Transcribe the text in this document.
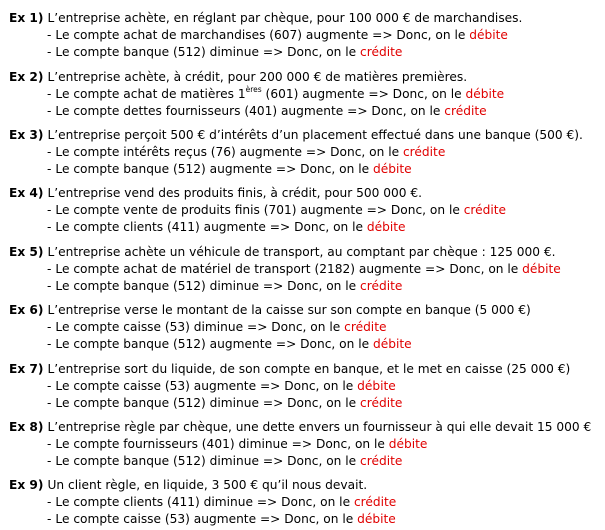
Ex 1) L’entreprise achète, en réglant par chèque, pour 100 000 € de marchandises.
- Le compte achat de marchandises (607) augmente => Donc, on le débite
- Le compte banque (512) diminue => Donc, on le crédite
Ex 2) L’entreprise achète, à crédit, pour 200 000 € de matières premières.
- Le compte achat de matières 1ères (601) augmente => Donc, on le débite
- Le compte dettes fournisseurs (401) augmente => Donc, on le crédite
Ex 3) L’entreprise perçoit 500 € d’intérêts d’un placement effectué dans une banque (500 €).
- Le compte intérêts reçus (76) augmente => Donc, on le crédite
- Le compte banque (512) augmente => Donc, on le débite
Ex 4) L’entreprise vend des produits finis, à crédit, pour 500 000 €.
- Le compte vente de produits finis (701) augmente => Donc, on le crédite
- Le compte clients (411) augmente => Donc, on le débite
Ex 5) L’entreprise achète un véhicule de transport, au comptant par chèque : 125 000 €.
- Le compte achat de matériel de transport (2182) augmente => Donc, on le débite
- Le compte banque (512) diminue => Donc, on le crédite
Ex 6) L’entreprise verse le montant de la caisse sur son compte en banque (5 000 €)
- Le compte caisse (53) diminue => Donc, on le crédite
- Le compte banque (512) augmente => Donc, on le débite
Ex 7) L’entreprise sort du liquide, de son compte en banque, et le met en caisse (25 000 €)
- Le compte caisse (53) augmente => Donc, on le débite
- Le compte banque (512) diminue => Donc, on le crédite
Ex 8) L’entreprise règle par chèque, une dette envers un fournisseur à qui elle devait 15 000 €
- Le compte fournisseurs (401) diminue => Donc, on le débite
- Le compte banque (512) diminue => Donc, on le crédite
Ex 9) Un client règle, en liquide, 3 500 € qu’il nous devait.
- Le compte clients (411) diminue => Donc, on le crédite
- Le compte caisse (53) augmente => Donc, on le débite
